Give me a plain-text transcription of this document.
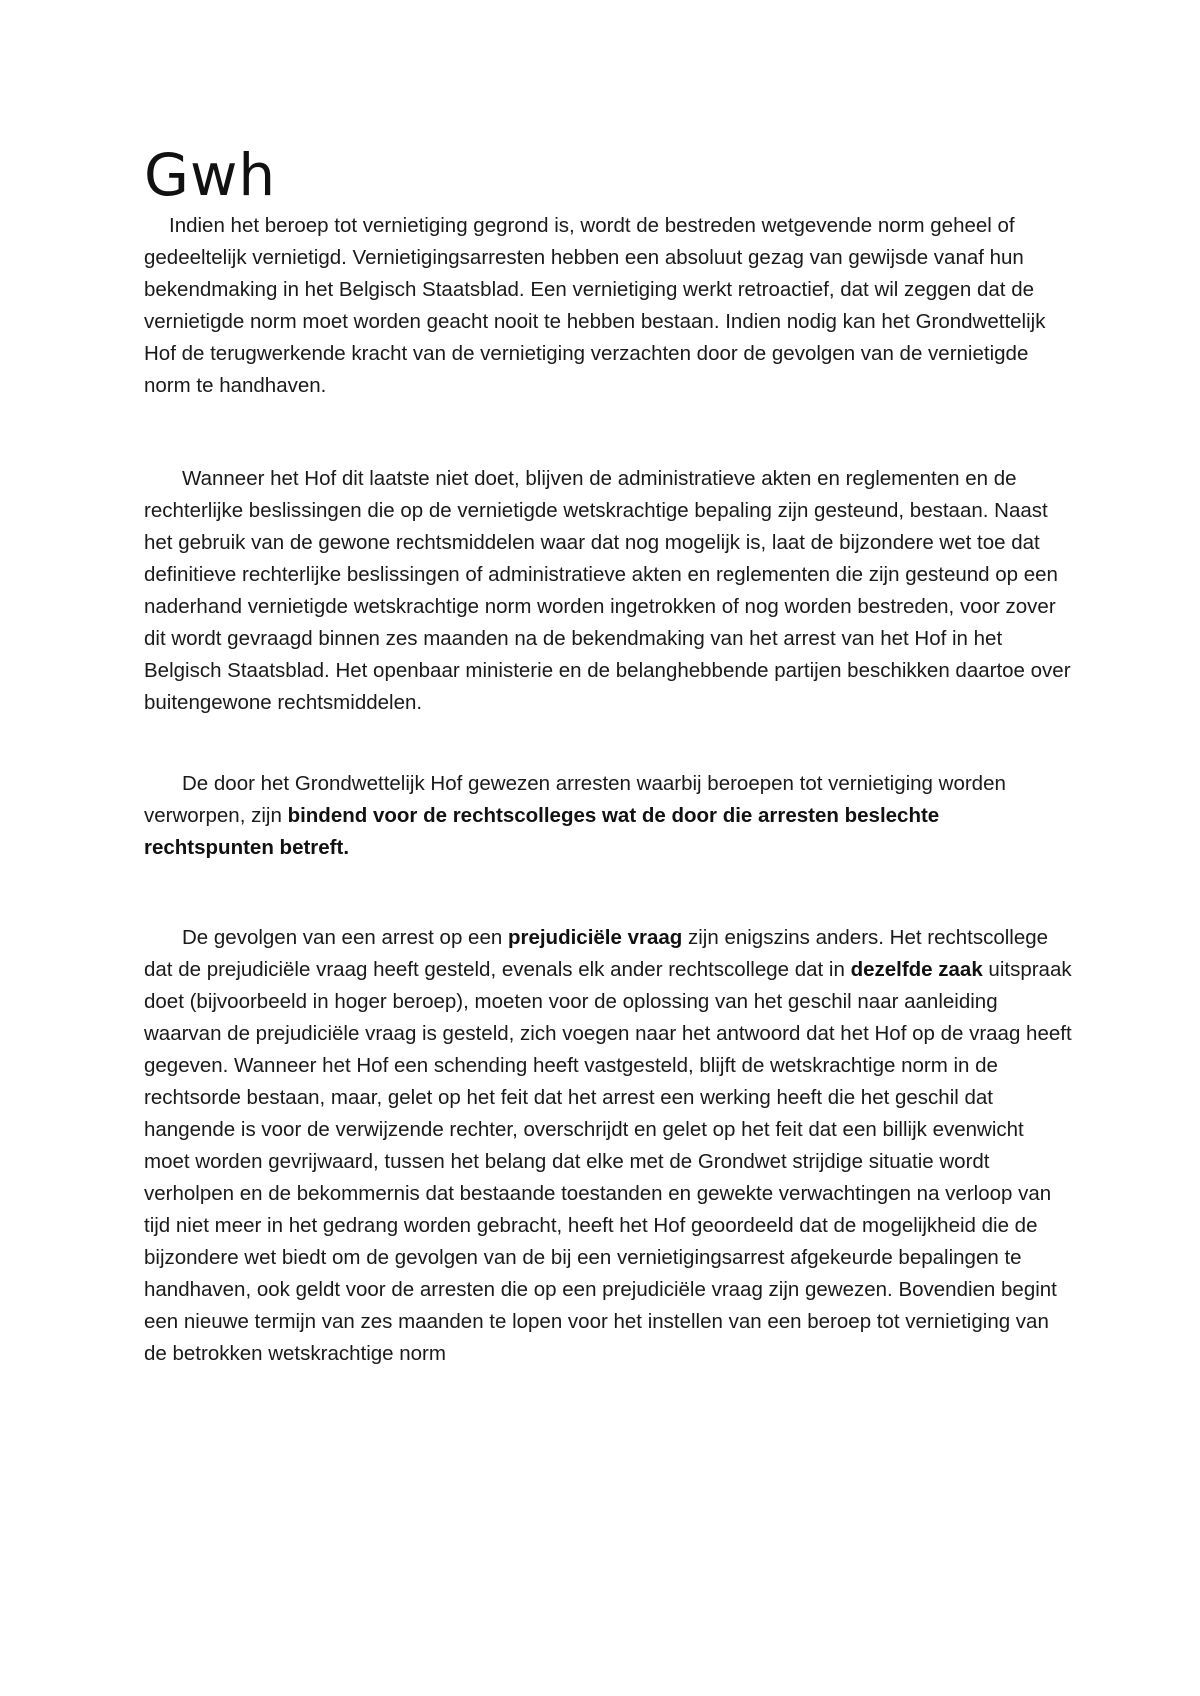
Gwh

Indien het beroep tot vernietiging gegrond is, wordt de bestreden wetgevende norm geheel of gedeeltelijk vernietigd. Vernietigingsarresten hebben een absoluut gezag van gewijsde vanaf hun bekendmaking in het Belgisch Staatsblad. Een vernietiging werkt retroactief, dat wil zeggen dat de vernietigde norm moet worden geacht nooit te hebben bestaan. Indien nodig kan het Grondwettelijk Hof de terugwerkende kracht van de vernietiging verzachten door de gevolgen van de vernietigde norm te handhaven.

Wanneer het Hof dit laatste niet doet, blijven de administratieve akten en reglementen en de rechterlijke beslissingen die op de vernietigde wetskrachtige bepaling zijn gesteund, bestaan. Naast het gebruik van de gewone rechtsmiddelen waar dat nog mogelijk is, laat de bijzondere wet toe dat definitieve rechterlijke beslissingen of administratieve akten en reglementen die zijn gesteund op een naderhand vernietigde wetskrachtige norm worden ingetrokken of nog worden bestreden, voor zover dit wordt gevraagd binnen zes maanden na de bekendmaking van het arrest van het Hof in het Belgisch Staatsblad. Het openbaar ministerie en de belanghebbende partijen beschikken daartoe over buitengewone rechtsmiddelen.

De door het Grondwettelijk Hof gewezen arresten waarbij beroepen tot vernietiging worden verworpen, zijn bindend voor de rechtscolleges wat de door die arresten beslechte rechtspunten betreft.

De gevolgen van een arrest op een prejudiciële vraag zijn enigszins anders. Het rechtscollege dat de prejudiciële vraag heeft gesteld, evenals elk ander rechtscollege dat in dezelfde zaak uitspraak doet (bijvoorbeeld in hoger beroep), moeten voor de oplossing van het geschil naar aanleiding waarvan de prejudiciële vraag is gesteld, zich voegen naar het antwoord dat het Hof op de vraag heeft gegeven. Wanneer het Hof een schending heeft vastgesteld, blijft de wetskrachtige norm in de rechtsorde bestaan, maar, gelet op het feit dat het arrest een werking heeft die het geschil dat hangende is voor de verwijzende rechter, overschrijdt en gelet op het feit dat een billijk evenwicht moet worden gevrijwaard, tussen het belang dat elke met de Grondwet strijdige situatie wordt verholpen en de bekommernis dat bestaande toestanden en gewekte verwachtingen na verloop van tijd niet meer in het gedrang worden gebracht, heeft het Hof geoordeeld dat de mogelijkheid die de bijzondere wet biedt om de gevolgen van de bij een vernietigingsarrest afgekeurde bepalingen te handhaven, ook geldt voor de arresten die op een prejudiciële vraag zijn gewezen. Bovendien begint een nieuwe termijn van zes maanden te lopen voor het instellen van een beroep tot vernietiging van de betrokken wetskrachtige norm
